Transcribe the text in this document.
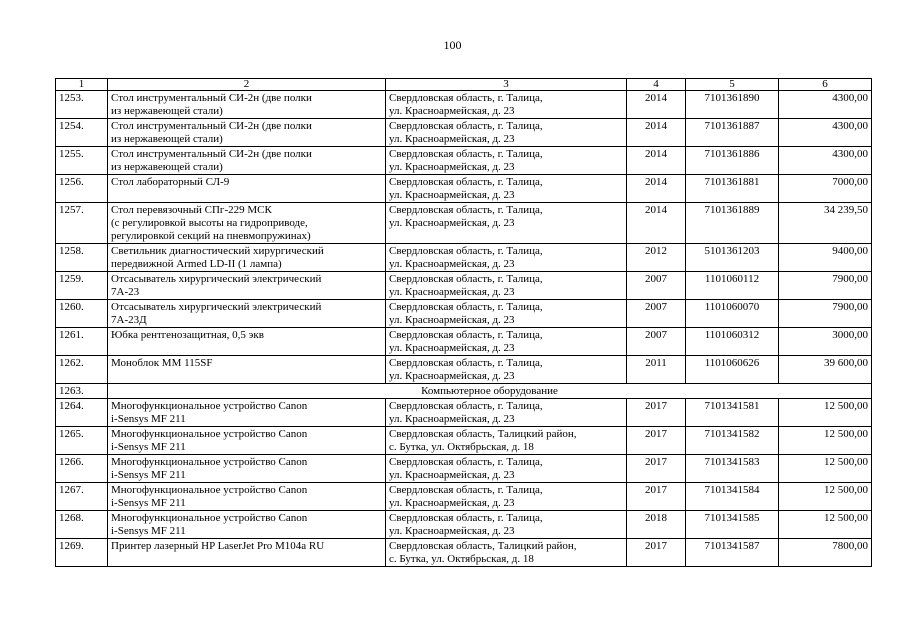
100
1	2	3	4	5	6
1253.	Стол инструментальный СИ-2н (две полки
из нержавеющей стали)	Свердловская область, г. Талица,
ул. Красноармейская, д. 23	2014	7101361890	4300,00
1254.	Стол инструментальный СИ-2н (две полки
из нержавеющей стали)	Свердловская область, г. Талица,
ул. Красноармейская, д. 23	2014	7101361887	4300,00
1255.	Стол инструментальный СИ-2н (две полки
из нержавеющей стали)	Свердловская область, г. Талица,
ул. Красноармейская, д. 23	2014	7101361886	4300,00
1256.	Стол лабораторный СЛ-9	Свердловская область, г. Талица,
ул. Красноармейская, д. 23	2014	7101361881	7000,00
1257.	Стол перевязочный СПг-229 МСК
(с регулировкой высоты на гидроприводе,
регулировкой секций на пневмопружинах)	Свердловская область, г. Талица,
ул. Красноармейская, д. 23	2014	7101361889	34 239,50
1258.	Светильник диагностический хирургический
передвижной Armed LD-II (1 лампа)	Свердловская область, г. Талица,
ул. Красноармейская, д. 23	2012	5101361203	9400,00
1259.	Отсасыватель хирургический электрический
7А-23	Свердловская область, г. Талица,
ул. Красноармейская, д. 23	2007	1101060112	7900,00
1260.	Отсасыватель хирургический электрический
7А-23Д	Свердловская область, г. Талица,
ул. Красноармейская, д. 23	2007	1101060070	7900,00
1261.	Юбка рентгенозащитная, 0,5 экв	Свердловская область, г. Талица,
ул. Красноармейская, д. 23	2007	1101060312	3000,00
1262.	Моноблок ММ 115SF	Свердловская область, г. Талица,
ул. Красноармейская, д. 23	2011	1101060626	39 600,00
1263.	Компьютерное оборудование				
1264.	Многофункциональное устройство Canon
i-Sensys MF 211	Свердловская область, г. Талица,
ул. Красноармейская, д. 23	2017	7101341581	12 500,00
1265.	Многофункциональное устройство Canon
i-Sensys MF 211	Свердловская область, Талицкий район,
с. Бутка, ул. Октябрьская, д. 18	2017	7101341582	12 500,00
1266.	Многофункциональное устройство Canon
i-Sensys MF 211	Свердловская область, г. Талица,
ул. Красноармейская, д. 23	2017	7101341583	12 500,00
1267.	Многофункциональное устройство Canon
i-Sensys MF 211	Свердловская область, г. Талица,
ул. Красноармейская, д. 23	2017	7101341584	12 500,00
1268.	Многофункциональное устройство Canon
i-Sensys MF 211	Свердловская область, г. Талица,
ул. Красноармейская, д. 23	2018	7101341585	12 500,00
1269.	Принтер лазерный HP LaserJet Pro M104a RU	Свердловская область, Талицкий район,
с. Бутка, ул. Октябрьская, д. 18	2017	7101341587	7800,00
